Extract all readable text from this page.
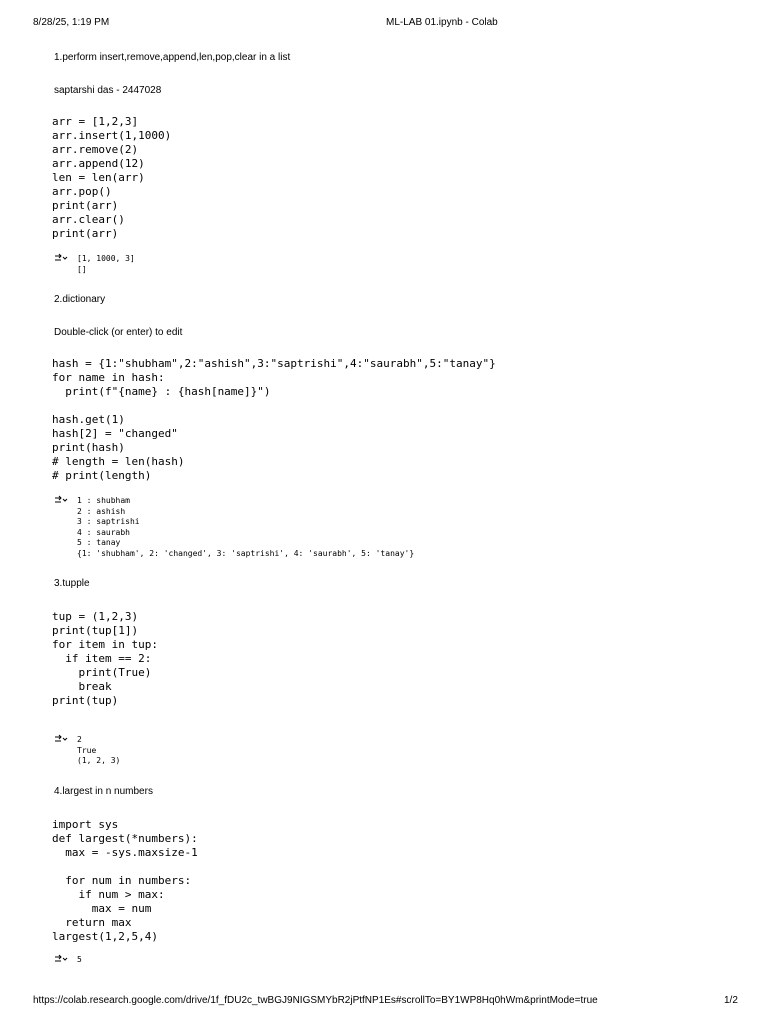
8/28/25, 1:19 PM	ML-LAB 01.ipynb - Colab
1.perform insert,remove,append,len,pop,clear in a list
saptarshi das - 2447028
arr = [1,2,3]
arr.insert(1,1000)
arr.remove(2)
arr.append(12)
len = len(arr)
arr.pop()
print(arr)
arr.clear()
print(arr)
[1, 1000, 3]
[]
2.dictionary
Double-click (or enter) to edit
hash = {1:"shubham",2:"ashish",3:"saptrishi",4:"saurabh",5:"tanay"}
for name in hash:
print(f"{name} : {hash[name]}")

hash.get(1)
hash[2] = "changed"
print(hash)
# length = len(hash)
# print(length)
1 : shubham
2 : ashish
3 : saptrishi
4 : saurabh
5 : tanay
{1: 'shubham', 2: 'changed', 3: 'saptrishi', 4: 'saurabh', 5: 'tanay'}
3.tupple
tup = (1,2,3)
print(tup[1])
for item in tup:
if item == 2:
print(True)
break
print(tup)
2
True
(1, 2, 3)
4.largest in n numbers
import sys
def largest(*numbers):
max = -sys.maxsize-1

for num in numbers:
if num > max:
max = num
return max
largest(1,2,5,4)
5
https://colab.research.google.com/drive/1f_fDU2c_twBGJ9NIGSMYbR2jPtfNP1Es#scrollTo=BY1WP8Hq0hWm&printMode=true	1/2
